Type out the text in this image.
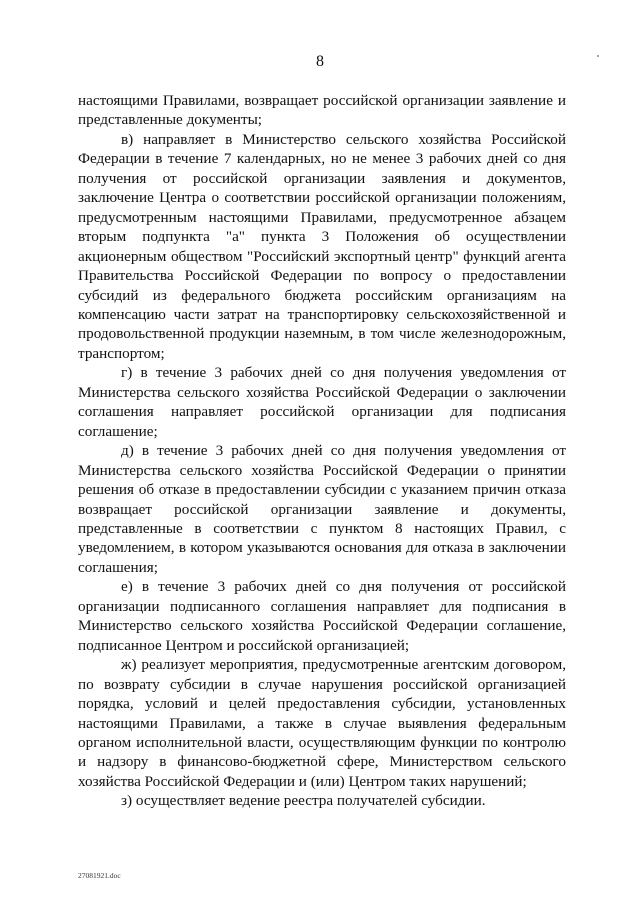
8

настоящими Правилами, возвращает российской организации заявление и представленные документы;

в) направляет в Министерство сельского хозяйства Российской Федерации в течение 7 календарных, но не менее 3 рабочих дней со дня получения от российской организации заявления и документов, заключение Центра о соответствии российской организации положениям, предусмотренным настоящими Правилами, предусмотренное абзацем вторым подпункта "а" пункта 3 Положения об осуществлении акционерным обществом "Российский экспортный центр" функций агента Правительства Российской Федерации по вопросу о предоставлении субсидий из федерального бюджета российским организациям на компенсацию части затрат на транспортировку сельскохозяйственной и продовольственной продукции наземным, в том числе железнодорожным, транспортом;

г) в течение 3 рабочих дней со дня получения уведомления от Министерства сельского хозяйства Российской Федерации о заключении соглашения направляет российской организации для подписания соглашение;

д) в течение 3 рабочих дней со дня получения уведомления от Министерства сельского хозяйства Российской Федерации о принятии решения об отказе в предоставлении субсидии с указанием причин отказа возвращает российской организации заявление и документы, представленные в соответствии с пунктом 8 настоящих Правил, с уведомлением, в котором указываются основания для отказа в заключении соглашения;

е) в течение 3 рабочих дней со дня получения от российской организации подписанного соглашения направляет для подписания в Министерство сельского хозяйства Российской Федерации соглашение, подписанное Центром и российской организацией;

ж) реализует мероприятия, предусмотренные агентским договором, по возврату субсидии в случае нарушения российской организацией порядка, условий и целей предоставления субсидии, установленных настоящими Правилами, а также в случае выявления федеральным органом исполнительной власти, осуществляющим функции по контролю и надзору в финансово-бюджетной сфере, Министерством сельского хозяйства Российской Федерации и (или) Центром таких нарушений;

з) осуществляет ведение реестра получателей субсидии.

27081921.doc
